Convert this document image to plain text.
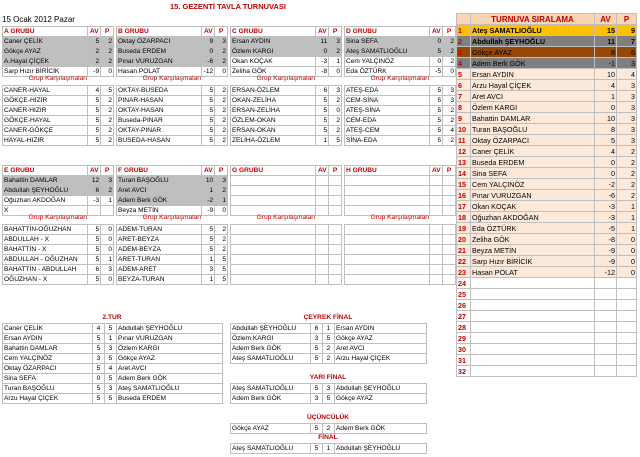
15. GEZENTİ TAVLA TURNUVASI
15 Ocak 2012 Pazar
A GRUBU	AV	P
Caner ÇELİK	5	2
Gökçe AYAZ	2	2
A.Hayal ÇİÇEK	2	2
Sarp Hızır BİRİCİK	-9	0
Grup Karşılaşmaları
CANER-HAYAL	4	5
GÖKÇE-HIZIR	5	2
CANER-HIZIR	5	2
GÖKÇE-HAYAL	5	2
CANER-GÖKÇE	5	2
HAYAL-HIZIR	5	2
B GRUBU	AV	P
Oktay ÖZARPACI	9	3
Buseda ERDEM	0	2
Pınar VURUZGAN	-6	2
Hasan POLAT	-12	0
Grup Karşılaşmaları
OKTAY-BUSEDA	5	2
PINAR-HASAN	5	2
OKTAY-HASAN	5	2
Buseda-PINAR	5	2
OKTAY-PINAR	5	2
BUSEDA-HASAN	5	2
C GRUBU	AV	P
Ersan AYDIN	11	3
Özlem KARGI	0	2
Okan KOÇAK	-3	1
Zeliha GÖK	-8	0
Grup Karşılaşmaları
ERSAN-ÖZLEM	6	3
OKAN-ZELİHA	5	2
ERSAN-ZELİHA	5	0
ÖZLEM-OKAN	5	2
ERSAN-OKAN	5	2
ZELİHA-ÖZLEM	1	5
D GRUBU	AV	P
Sina SEFA	0	2
Ateş SAMATLIOĞLU	5	2
Cem YALÇINÖZ	0	2
Eda ÖZTÜRK	-5	0
Grup Karşılaşmaları
ATEŞ-EDA	5	3
CEM-SİNA	5	3
ATEŞ-SİNA	5	2
CEM-EDA	5	2
ATEŞ-CEM	5	4
SİNA-EDA	5	2
E GRUBU	AV	P
Bahattin DAMLAR	12	3
Abdullah ŞEYHOĞLU	6	2
Oğuzhan AKDOĞAN	-3	1
X		
Grup Karşılaşmaları
BAHATTİN-OĞUZHAN	5	0
ABDULLAH - X	5	0
BAHATTİN - X	5	0
ABDULLAH - OĞUZHAN	5	1
BAHATTİN - ABDULLAH	6	3
OĞUZHAN - X	5	0
F GRUBU	AV	P
Turan BAŞOĞLU	10	3
Aret AVCI	1	2
Adem Berk GÖK	-2	1
Beyza METİN	-9	0
Grup Karşılaşmaları
ADEM-TURAN	5	2
ARET-BEYZA	5	2
ADEM-BEYZA	5	2
ARET-TURAN	1	5
ADEM-ARET	3	5
BEYZA-TURAN	1	5
G GRUBU	AV	P

Grup Karşılaşmaları

H GRUBU	AV	P

Grup Karşılaşmaları

2.TUR
Caner ÇELİK	4	5	Abdullah ŞEYHOĞLU
Ersan AYDIN	5	1	Pınar VURUZGAN
Bahattin DAMLAR	5	3	Özlem KARGI
Cem YALÇINÖZ	3	5	Gökçe AYAZ
Oktay ÖZARPACI	5	4	Aret AVCI
Sina SEFA	0	5	Adem Berk GÖK
Turan BAŞOĞLU	5	3	Ateş SAMATLIOĞLU
Arzu Hayal ÇİÇEK	5	5	Buseda ERDEM
ÇEYREK FİNAL
Abdullah ŞEYHOĞLU	6	1	Ersan AYDIN
Özlem KARGI	3	5	Gökçe AYAZ
Adem Berk GÖK	5	2	Aret AVCI
Ateş SAMATLIOĞLU	5	2	Arzu Hayal ÇİÇEK
YARI FİNAL
Ateş SAMATLIOĞLU	5	3	Abdullah ŞEYHOĞLU
Adem Berk GÖK	3	5	Gökçe AYAZ
ÜÇÜNCÜLÜK
Gökçe AYAZ	5	2	Adem Berk GÖK
FİNAL
Ateş SAMATLIOĞLU	5	1	Abdullah ŞEYHOĞLU
	TURNUVA SIRALAMA	AV	P
1	Ateş SAMATLIOĞLU	15	9
2	Abdullah ŞEYHOĞLU	11	7
3	Gökçe AYAZ	8	6
4	Adem Berk GÖK	-1	3
5	Ersan AYDIN	10	4
6	Arzu Hayal ÇİÇEK	4	3
7	Aret AVCI	1	3
8	Özlem KARGI	0	3
9	Bahattin DAMLAR	10	3
10	Turan BAŞOĞLU	8	3
11	Oktay ÖZARPACI	5	3
12	Caner ÇELİK	4	2
13	Buseda ERDEM	0	2
14	Sina SEFA	0	2
15	Cem YALÇINÖZ	-2	2
16	Pınar VURUZGAN	-6	2
17	Okan KOÇAK	-3	1
18	Oğuzhan AKDOĞAN	-3	1
19	Eda ÖZTÜRK	-5	1
20	Zeliha GÖK	-8	0
21	Beyza METİN	-9	0
22	Sarp Hızır BİRİCİK	-9	0
23	Hasan POLAT	-12	0
24			
25			
26			
27			
28			
29			
30			
31			
32			
